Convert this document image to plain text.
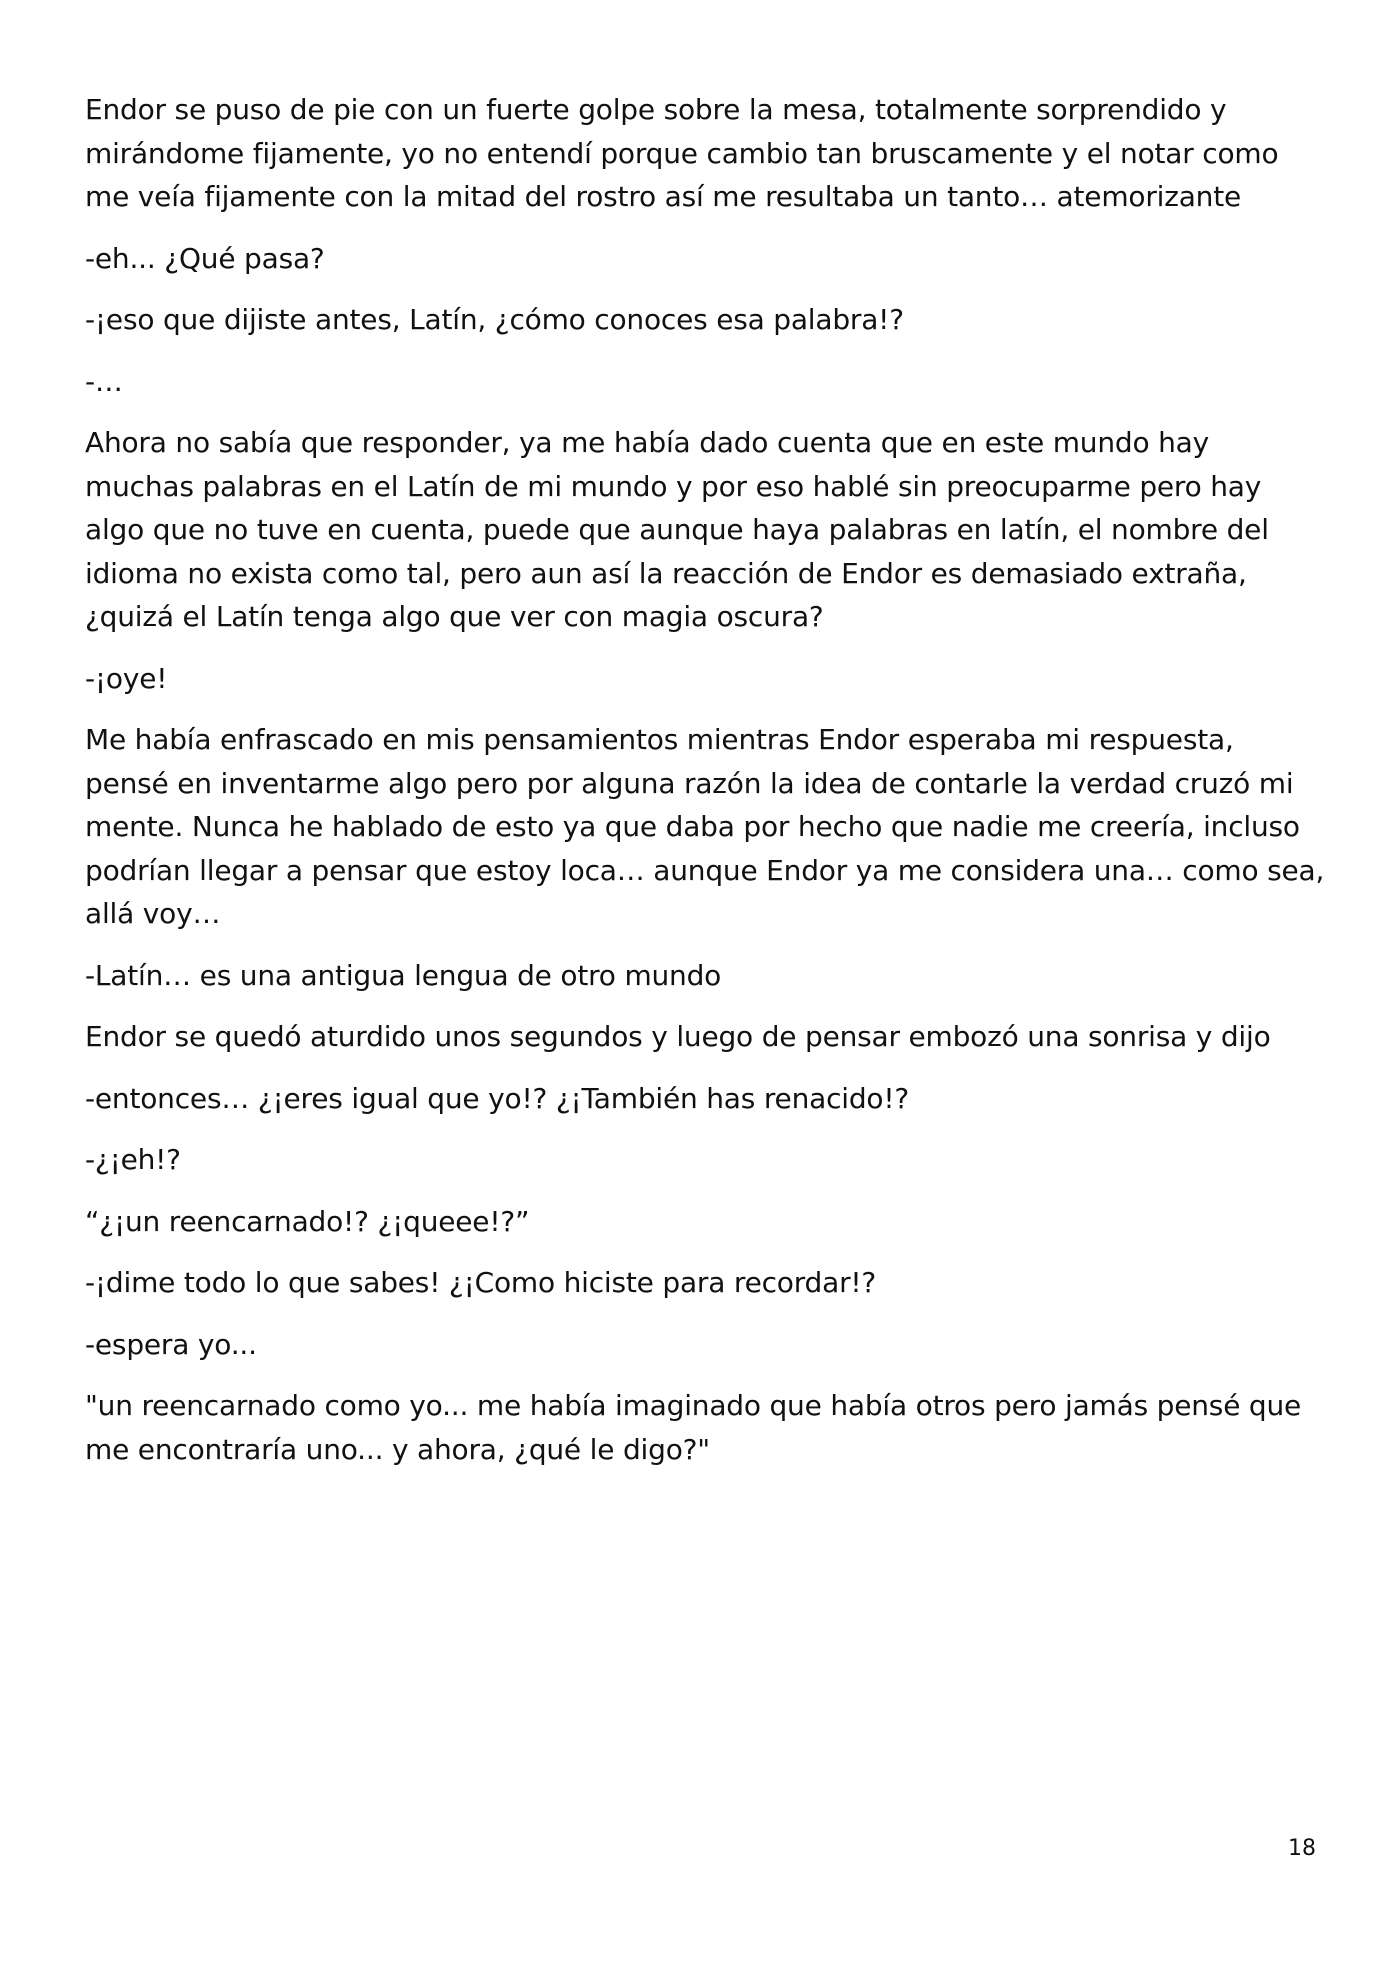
Endor se puso de pie con un fuerte golpe sobre la mesa, totalmente sorprendido y mirándome fijamente, yo no entendí porque cambio tan bruscamente y el notar como me veía fijamente con la mitad del rostro así me resultaba un tanto… atemorizante

-eh... ¿Qué pasa?

-¡eso que dijiste antes, Latín, ¿cómo conoces esa palabra!?

-…

Ahora no sabía que responder, ya me había dado cuenta que en este mundo hay muchas palabras en el Latín de mi mundo y por eso hablé sin preocuparme pero hay algo que no tuve en cuenta, puede que aunque haya palabras en latín, el nombre del idioma no exista como tal, pero aun así la reacción de Endor es demasiado extraña, ¿quizá el Latín tenga algo que ver con magia oscura?

-¡oye!

Me había enfrascado en mis pensamientos mientras Endor esperaba mi respuesta, pensé en inventarme algo pero por alguna razón la idea de contarle la verdad cruzó mi mente. Nunca he hablado de esto ya que daba por hecho que nadie me creería, incluso podrían llegar a pensar que estoy loca… aunque Endor ya me considera una… como sea, allá voy…

-Latín… es una antigua lengua de otro mundo

Endor se quedó aturdido unos segundos y luego de pensar embozó una sonrisa y dijo

-entonces… ¿¡eres igual que yo!? ¿¡También has renacido!?

-¿¡eh!?

“¿¡un reencarnado!? ¿¡queee!?”

-¡dime todo lo que sabes! ¿¡Como hiciste para recordar!?

-espera yo...

"un reencarnado como yo... me había imaginado que había otros pero jamás pensé que me encontraría uno... y ahora, ¿qué le digo?"

18
